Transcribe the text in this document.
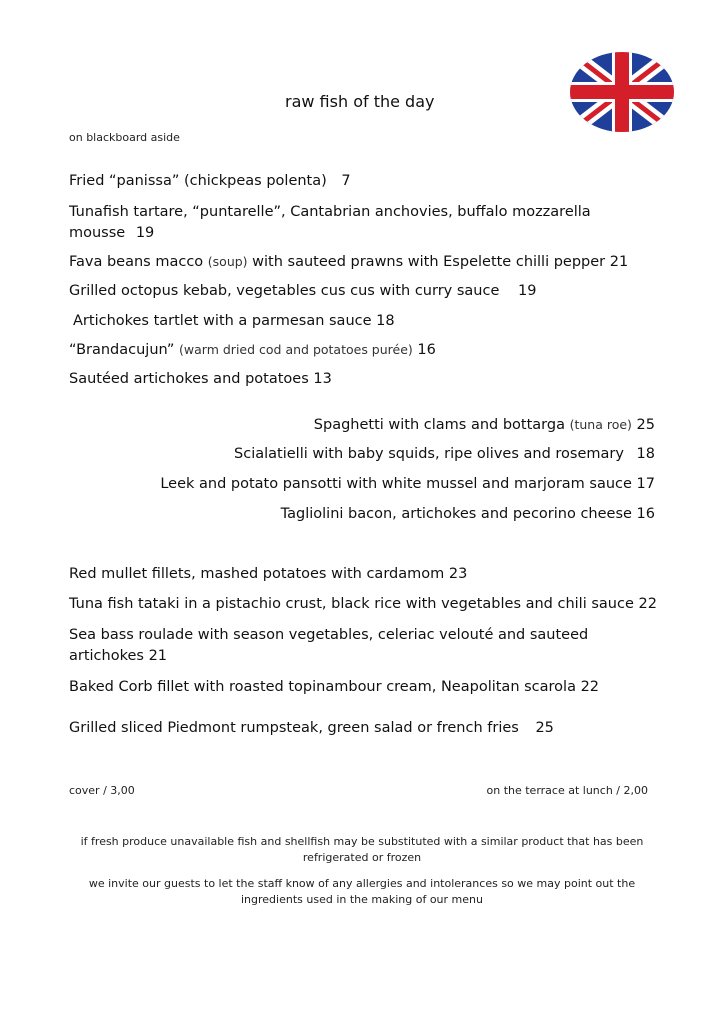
raw fish of the day
on blackboard aside
Fried “panissa” (chickpeas polenta) 7
Tunafish tartare, “puntarelle”, Cantabrian anchovies, buffalo mozzarella mousse 19
Fava beans macco (soup) with sauteed prawns with Espelette chilli pepper 21
Grilled octopus kebab, vegetables cus cus with curry sauce 19
Artichokes tartlet with a parmesan sauce 18
“Brandacujun” (warm dried cod and potatoes purée) 16
Sautéed artichokes and potatoes 13
Spaghetti with clams and bottarga (tuna roe) 25
Scialatielli with baby squids, ripe olives and rosemary 18
Leek and potato pansotti with white mussel and marjoram sauce 17
Tagliolini bacon, artichokes and pecorino cheese 16
Red mullet fillets, mashed potatoes with cardamom 23
Tuna fish tataki in a pistachio crust, black rice with vegetables and chili sauce 22
Sea bass roulade with season vegetables, celeriac velouté and sauteed artichokes 21
Baked Corb fillet with roasted topinambour cream, Neapolitan scarola 22
Grilled sliced Piedmont rumpsteak, green salad or french fries 25
cover / 3,00	on the terrace at lunch / 2,00
if fresh produce unavailable fish and shellfish may be substituted with a similar product that has been refrigerated or frozen
we invite our guests to let the staff know of any allergies and intolerances so we may point out the ingredients used in the making of our menu
